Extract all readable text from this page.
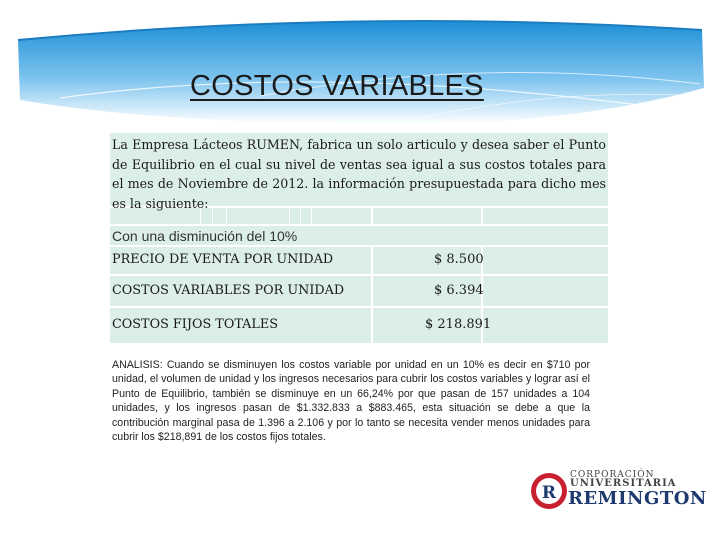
COSTOS VARIABLES
La Empresa Lácteos RUMEN, fabrica un solo articulo y desea saber el Punto de Equilibrio en el cual su nivel de ventas sea igual a sus costos totales para el mes de Noviembre de 2012. la información presupuestada para dicho mes es la siguiente:
Con una disminución del 10%
PRECIO DE VENTA POR UNIDAD	$ 8.500
COSTOS VARIABLES POR UNIDAD	$ 6.394
COSTOS FIJOS TOTALES	$ 218.891
ANALISIS: Cuando se disminuyen los costos variable por unidad en un 10% es decir en $710 por unidad, el volumen de unidad y los ingresos necesarios para cubrir los costos variables y lograr así el Punto de Equilibrio, también se disminuye en un 66,24% por que pasan de 157 unidades a 104 unidades, y los ingresos pasan de $1.332.833 a $883.465, esta situación se debe a que la contribución marginal pasa de 1.396 a 2.106 y por lo tanto se necesita vender menos unidades para cubrir los $218,891 de los costos fijos totales.
R
CORPORACIÓN
UNIVERSITARIA
REMINGTON
